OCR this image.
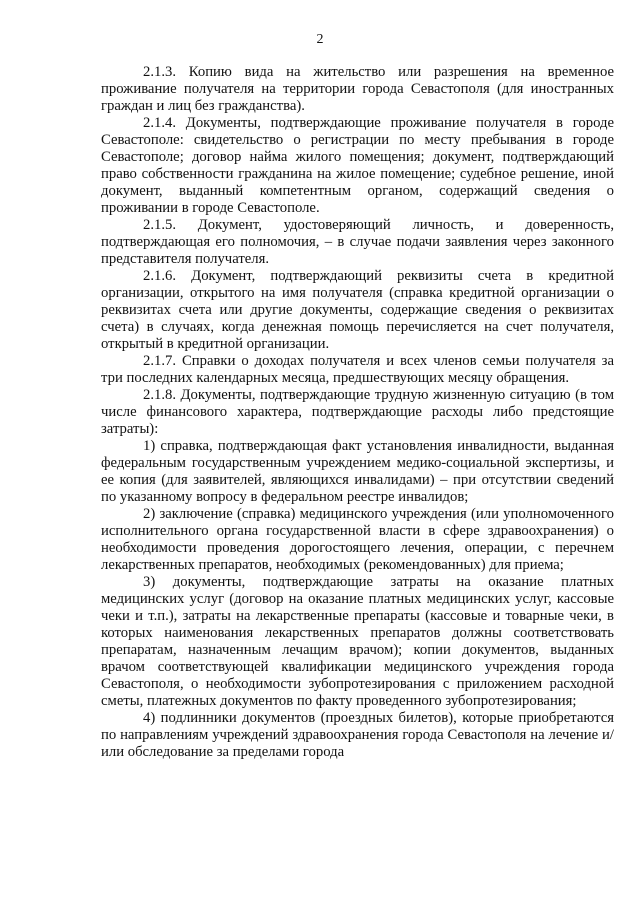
2

2.1.3. Копию вида на жительство или разрешения на временное проживание получателя на территории города Севастополя (для иностранных граждан и лиц без гражданства).

2.1.4. Документы, подтверждающие проживание получателя в городе Севастополе: свидетельство о регистрации по месту пребывания в городе Севастополе; договор найма жилого помещения; документ, подтверждающий право собственности гражданина на жилое помещение; судебное решение, иной документ, выданный компетентным органом, содержащий сведения о проживании в городе Севастополе.

2.1.5. Документ, удостоверяющий личность, и доверенность, подтверждающая его полномочия, – в случае подачи заявления через законного представителя получателя.

2.1.6. Документ, подтверждающий реквизиты счета в кредитной организации, открытого на имя получателя (справка кредитной организации о реквизитах счета или другие документы, содержащие сведения о реквизитах счета) в случаях, когда денежная помощь перечисляется на счет получателя, открытый в кредитной организации.

2.1.7. Справки о доходах получателя и всех членов семьи получателя за три последних календарных месяца, предшествующих месяцу обращения.

2.1.8. Документы, подтверждающие трудную жизненную ситуацию (в том числе финансового характера, подтверждающие расходы либо предстоящие затраты):

1) справка, подтверждающая факт установления инвалидности, выданная федеральным государственным учреждением медико-социальной экспертизы, и ее копия (для заявителей, являющихся инвалидами) – при отсутствии сведений по указанному вопросу в федеральном реестре инвалидов;

2) заключение (справка) медицинского учреждения (или уполномоченного исполнительного органа государственной власти в сфере здравоохранения) о необходимости проведения дорогостоящего лечения, операции, с перечнем лекарственных препаратов, необходимых (рекомендованных) для приема;

3) документы, подтверждающие затраты на оказание платных медицинских услуг (договор на оказание платных медицинских услуг, кассовые чеки и т.п.), затраты на лекарственные препараты (кассовые и товарные чеки, в которых наименования лекарственных препаратов должны соответствовать препаратам, назначенным лечащим врачом); копии документов, выданных врачом соответствующей квалификации медицинского учреждения города Севастополя, о необходимости зубопротезирования с приложением расходной сметы, платежных документов по факту проведенного зубопротезирования;

4) подлинники документов (проездных билетов), которые приобретаются по направлениям учреждений здравоохранения города Севастополя на лечение и/или обследование за пределами города
